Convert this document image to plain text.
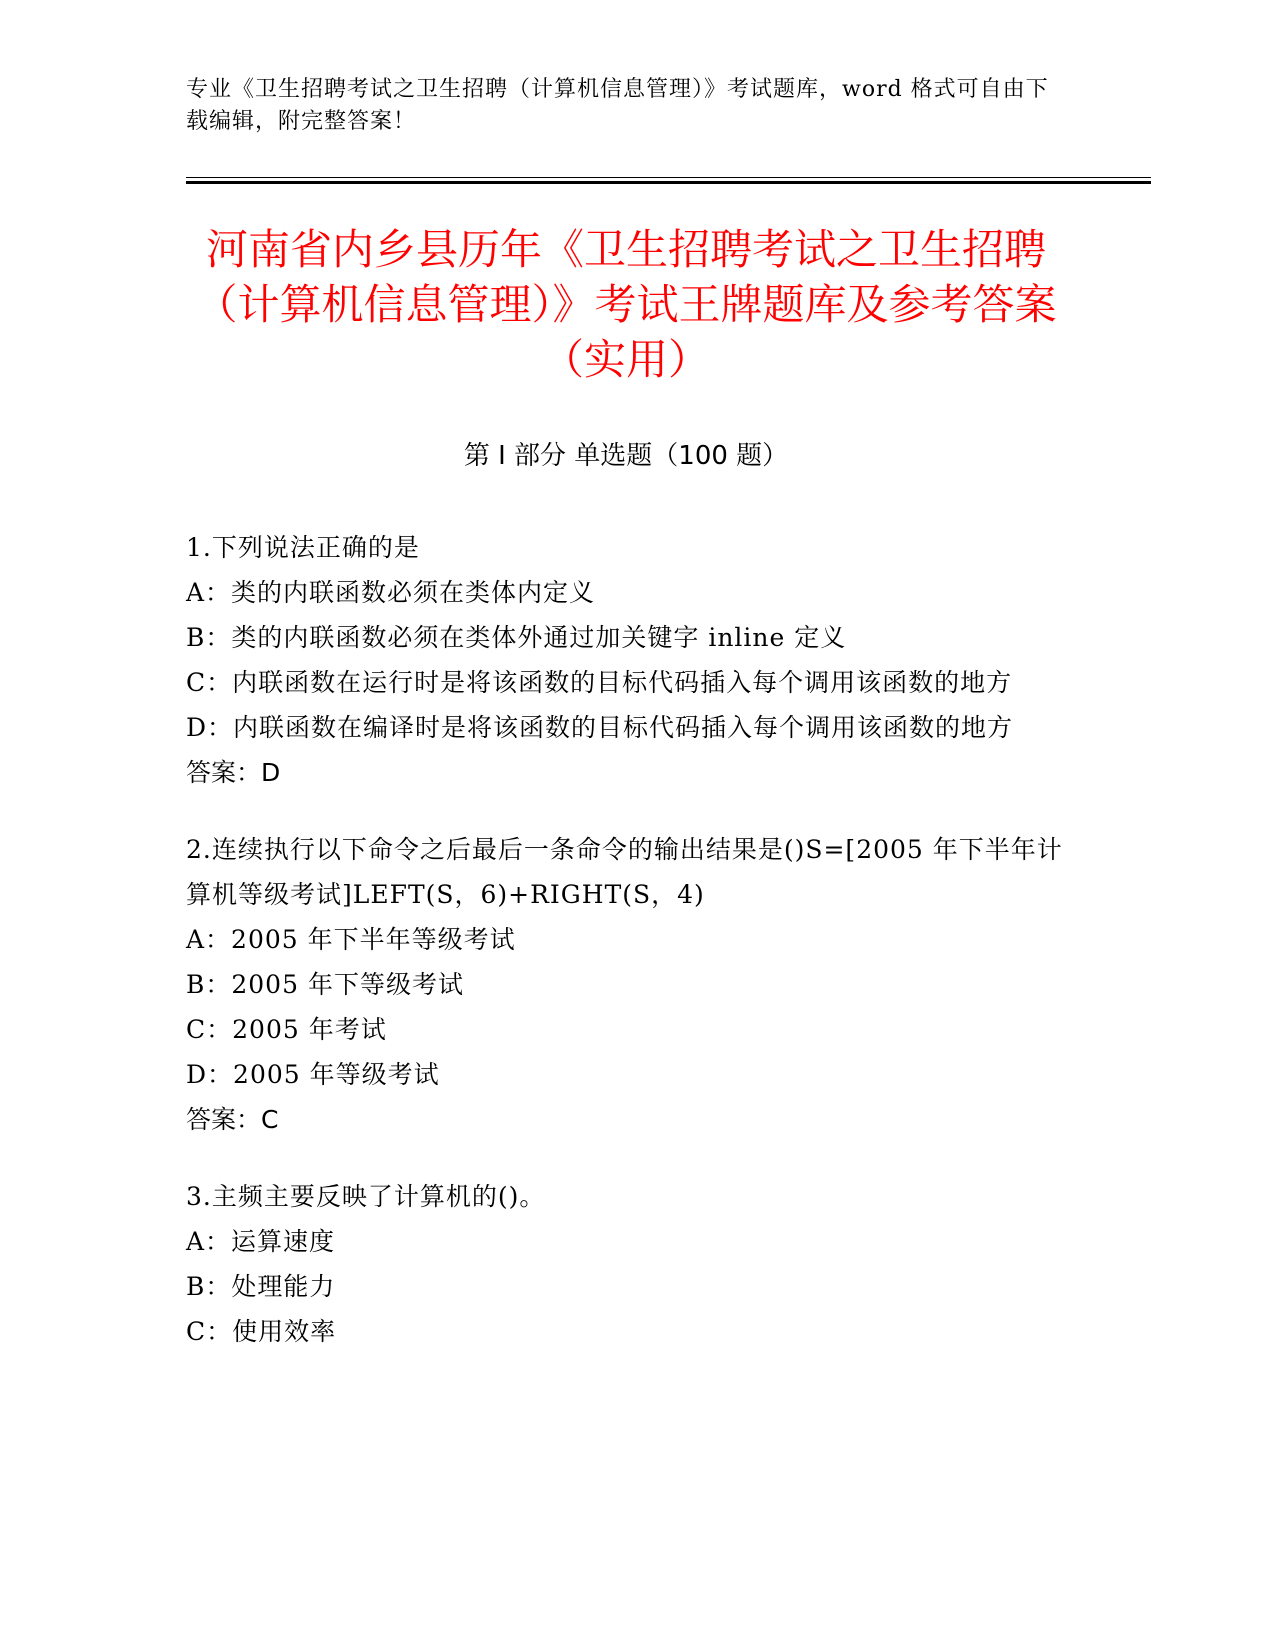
专业《卫生招聘考试之卫生招聘（计算机信息管理）》考试题库，word 格式可自由下载编辑，附完整答案！
河南省内乡县历年《卫生招聘考试之卫生招聘（计算机信息管理）》考试王牌题库及参考答案（实用）
第 I 部分 单选题（100 题）
1.下列说法正确的是
A：类的内联函数必须在类体内定义
B：类的内联函数必须在类体外通过加关键字 inline 定义
C：内联函数在运行时是将该函数的目标代码插入每个调用该函数的地方
D：内联函数在编译时是将该函数的目标代码插入每个调用该函数的地方
答案：D
2.连续执行以下命令之后最后一条命令的输出结果是()S=[2005 年下半年计算机等级考试]LEFT(S，6)+RIGHT(S，4)
A：2005 年下半年等级考试
B：2005 年下等级考试
C：2005 年考试
D：2005 年等级考试
答案：C
3.主频主要反映了计算机的()。
A：运算速度
B：处理能力
C：使用效率
